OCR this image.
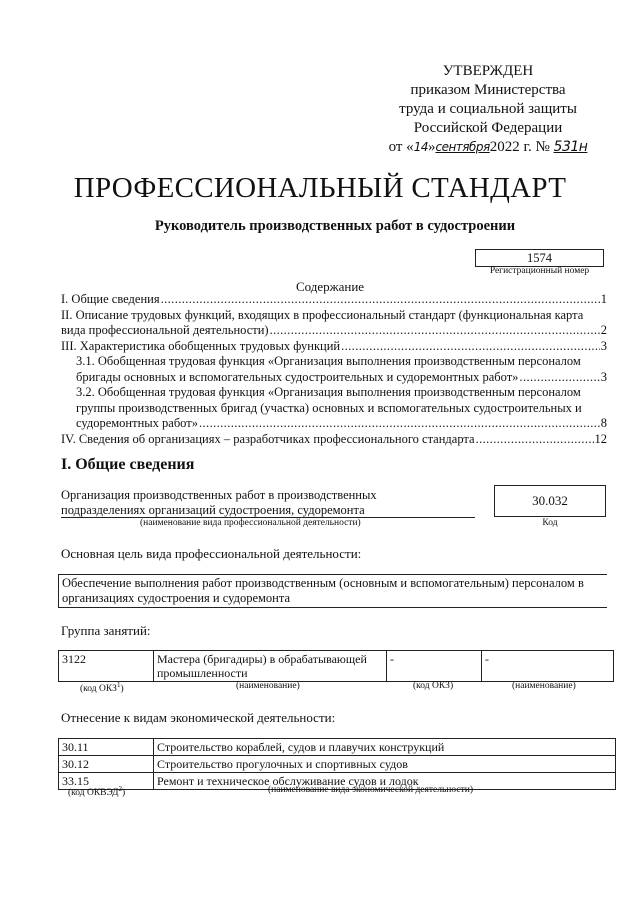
УТВЕРЖДЕН
приказом Министерства
труда и социальной защиты
Российской Федерации
от «14»сентября2022 г. № 531н
ПРОФЕССИОНАЛЬНЫЙ СТАНДАРТ
Руководитель производственных работ в судостроении
1574
Регистрационный номер
Содержание
I. Общие сведения .....	1
II. Описание трудовых функций, входящих в профессиональный стандарт (функциональная карта
вида профессиональной деятельности) .....	2
III. Характеристика обобщенных трудовых функций .....	3
3.1. Обобщенная трудовая функция «Организация выполнения производственным персоналом
бригады основных и вспомогательных судостроительных и судоремонтных работ» .....	3
3.2. Обобщенная трудовая функция «Организация выполнения производственным персоналом
группы производственных бригад (участка) основных и вспомогательных судостроительных и
судоремонтных работ» .....	8
IV. Сведения об организациях – разработчиках профессионального стандарта .....	12
I. Общие сведения
Организация производственных работ в производственных
подразделениях организаций судостроения, судоремонта
(наименование вида профессиональной деятельности)
30.032
Код
Основная цель вида профессиональной деятельности:
Обеспечение выполнения работ производственным (основным и вспомогательным) персоналом в организациях судостроения и судоремонта
Группа занятий:
3122	Мастера (бригадиры) в обрабатывающей промышленности	-	-
(код ОКЗ$^1$)	(наименование)	(код ОКЗ)	(наименование)
Отнесение к видам экономической деятельности:
30.11	Строительство кораблей, судов и плавучих конструкций
30.12	Строительство прогулочных и спортивных судов
33.15	Ремонт и техническое обслуживание судов и лодок
(код ОКВЭД$^2$)	(наименование вида экономической деятельности)
